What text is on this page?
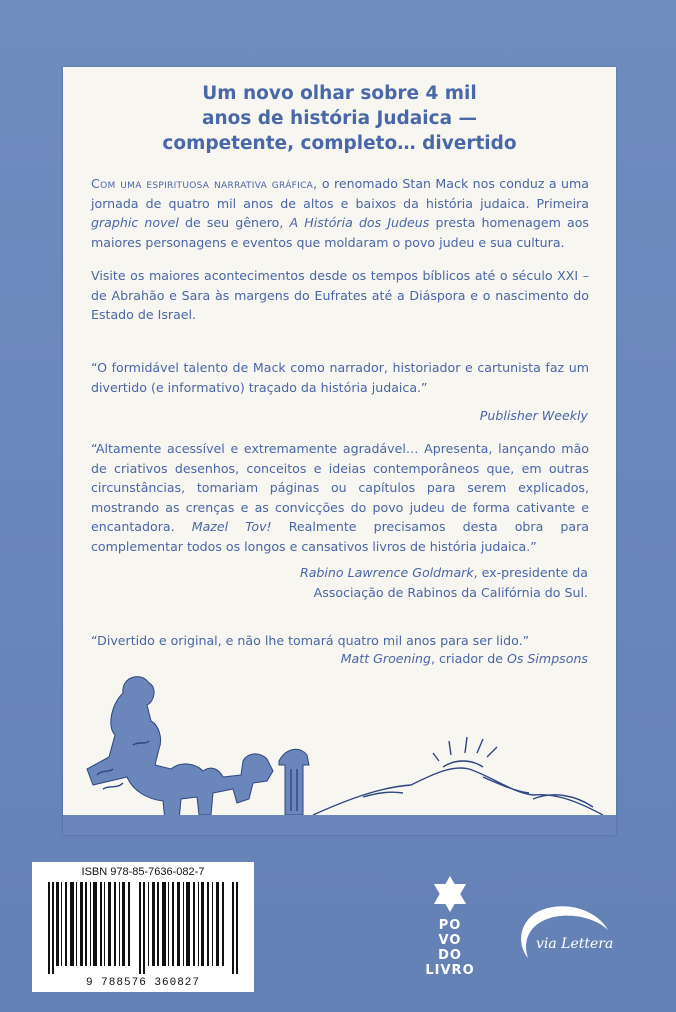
Um novo olhar sobre 4 mil
anos de história Judaica —
competente, completo… divertido
Com uma espirituosa narrativa gráfica, o renomado Stan Mack nos conduz a uma jornada de quatro mil anos de altos e baixos da história judaica. Primeira graphic novel de seu gênero, A História dos Judeus presta homenagem aos maiores personagens e eventos que moldaram o povo judeu e sua cultura.
Visite os maiores acontecimentos desde os tempos bíblicos até o século XXI – de Abrahão e Sara às margens do Eufrates até a Diáspora e o nascimento do Estado de Israel.
“O formidável talento de Mack como narrador, historiador e cartunista faz um divertido (e informativo) traçado da história judaica.”
Publisher Weekly
“Altamente acessível e extremamente agradável… Apresenta, lançando mão de criativos desenhos, conceitos e ideias contemporâneos que, em outras circunstâncias, tomariam páginas ou capítulos para serem explicados, mostrando as crenças e as convicções do povo judeu de forma cativante e encantadora. Mazel Tov! Realmente precisamos desta obra para complementar todos os longos e cansativos livros de história judaica.”
Rabino Lawrence Goldmark, ex-presidente da
Associação de Rabinos da Califórnia do Sul.
“Divertido e original, e não lhe tomará quatro mil anos para ser lido.”
Matt Groening, criador de Os Simpsons
ISBN 978-85-7636-082-7
9 788576 360827
PO
VO
DO
LIVRO
via Lettera
